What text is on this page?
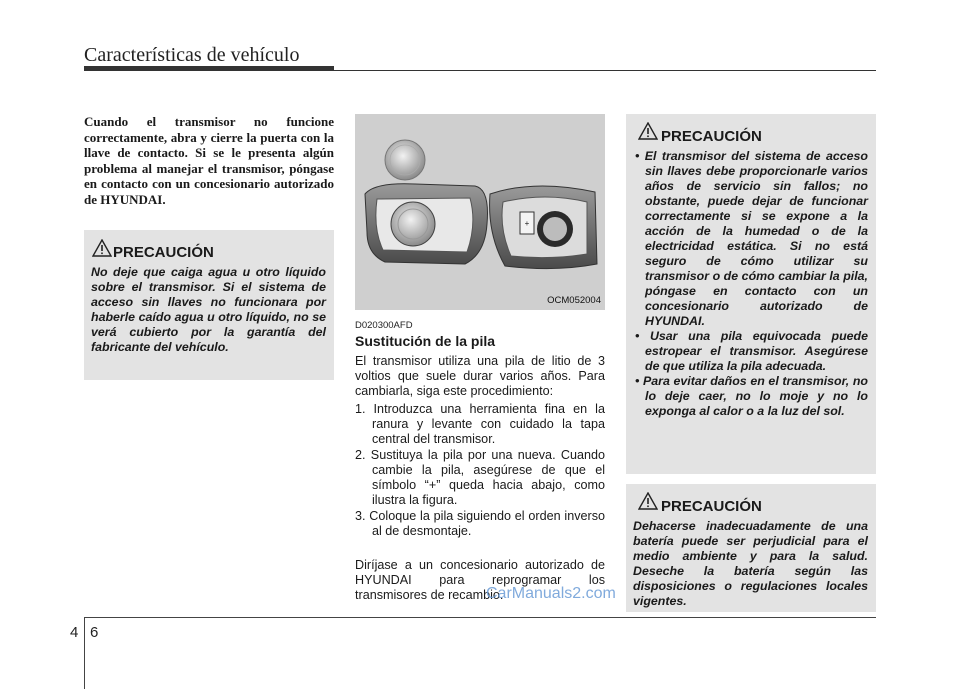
Características de vehículo

Cuando el transmisor no funcione correctamente, abra y cierre la puerta con la llave de contacto. Si se le presenta algún problema al manejar el transmisor, póngase en contacto con un concesionario autorizado de HYUNDAI.

PRECAUCIÓN

No deje que caiga agua u otro líquido sobre el transmisor. Si el sistema de acceso sin llaves no funcionara por haberle caído agua u otro líquido, no se verá cubierto por la garantía del fabricante del vehículo.

+
OCM052004
D020300AFD
Sustitución de la pila

El transmisor utiliza una pila de litio de 3 voltios que suele durar varios años. Para cambiarla, siga este procedimiento:

1. Introduzca una herramienta fina en la ranura y levante con cuidado la tapa central del transmisor.
2. Sustituya la pila por una nueva. Cuando cambie la pila, asegúrese de que el símbolo “+” queda hacia abajo, como ilustra la figura.
3. Coloque la pila siguiendo el orden inverso al de desmontaje.

Diríjase a un concesionario autorizado de HYUNDAI para reprogramar los transmisores de recambio.

PRECAUCIÓN
• El transmisor del sistema de acceso sin llaves debe proporcionarle varios años de servicio sin fallos; no obstante, puede dejar de funcionar correctamente si se expone a la acción de la humedad o de la electricidad estática. Si no está seguro de cómo utilizar su transmisor o de cómo cambiar la pila, póngase en contacto con un concesionario autorizado de HYUNDAI.
• Usar una pila equivocada puede estropear el transmisor. Asegúrese de que utiliza la pila adecuada.
• Para evitar daños en el transmisor, no lo deje caer, no lo moje y no lo exponga al calor o a la luz del sol.
PRECAUCIÓN

Dehacerse inadecuadamente de una batería puede ser perjudicial para el medio ambiente y para la salud. Deseche la batería según las disposiciones o regulaciones locales vigentes.

CarManuals2.com
4 6
